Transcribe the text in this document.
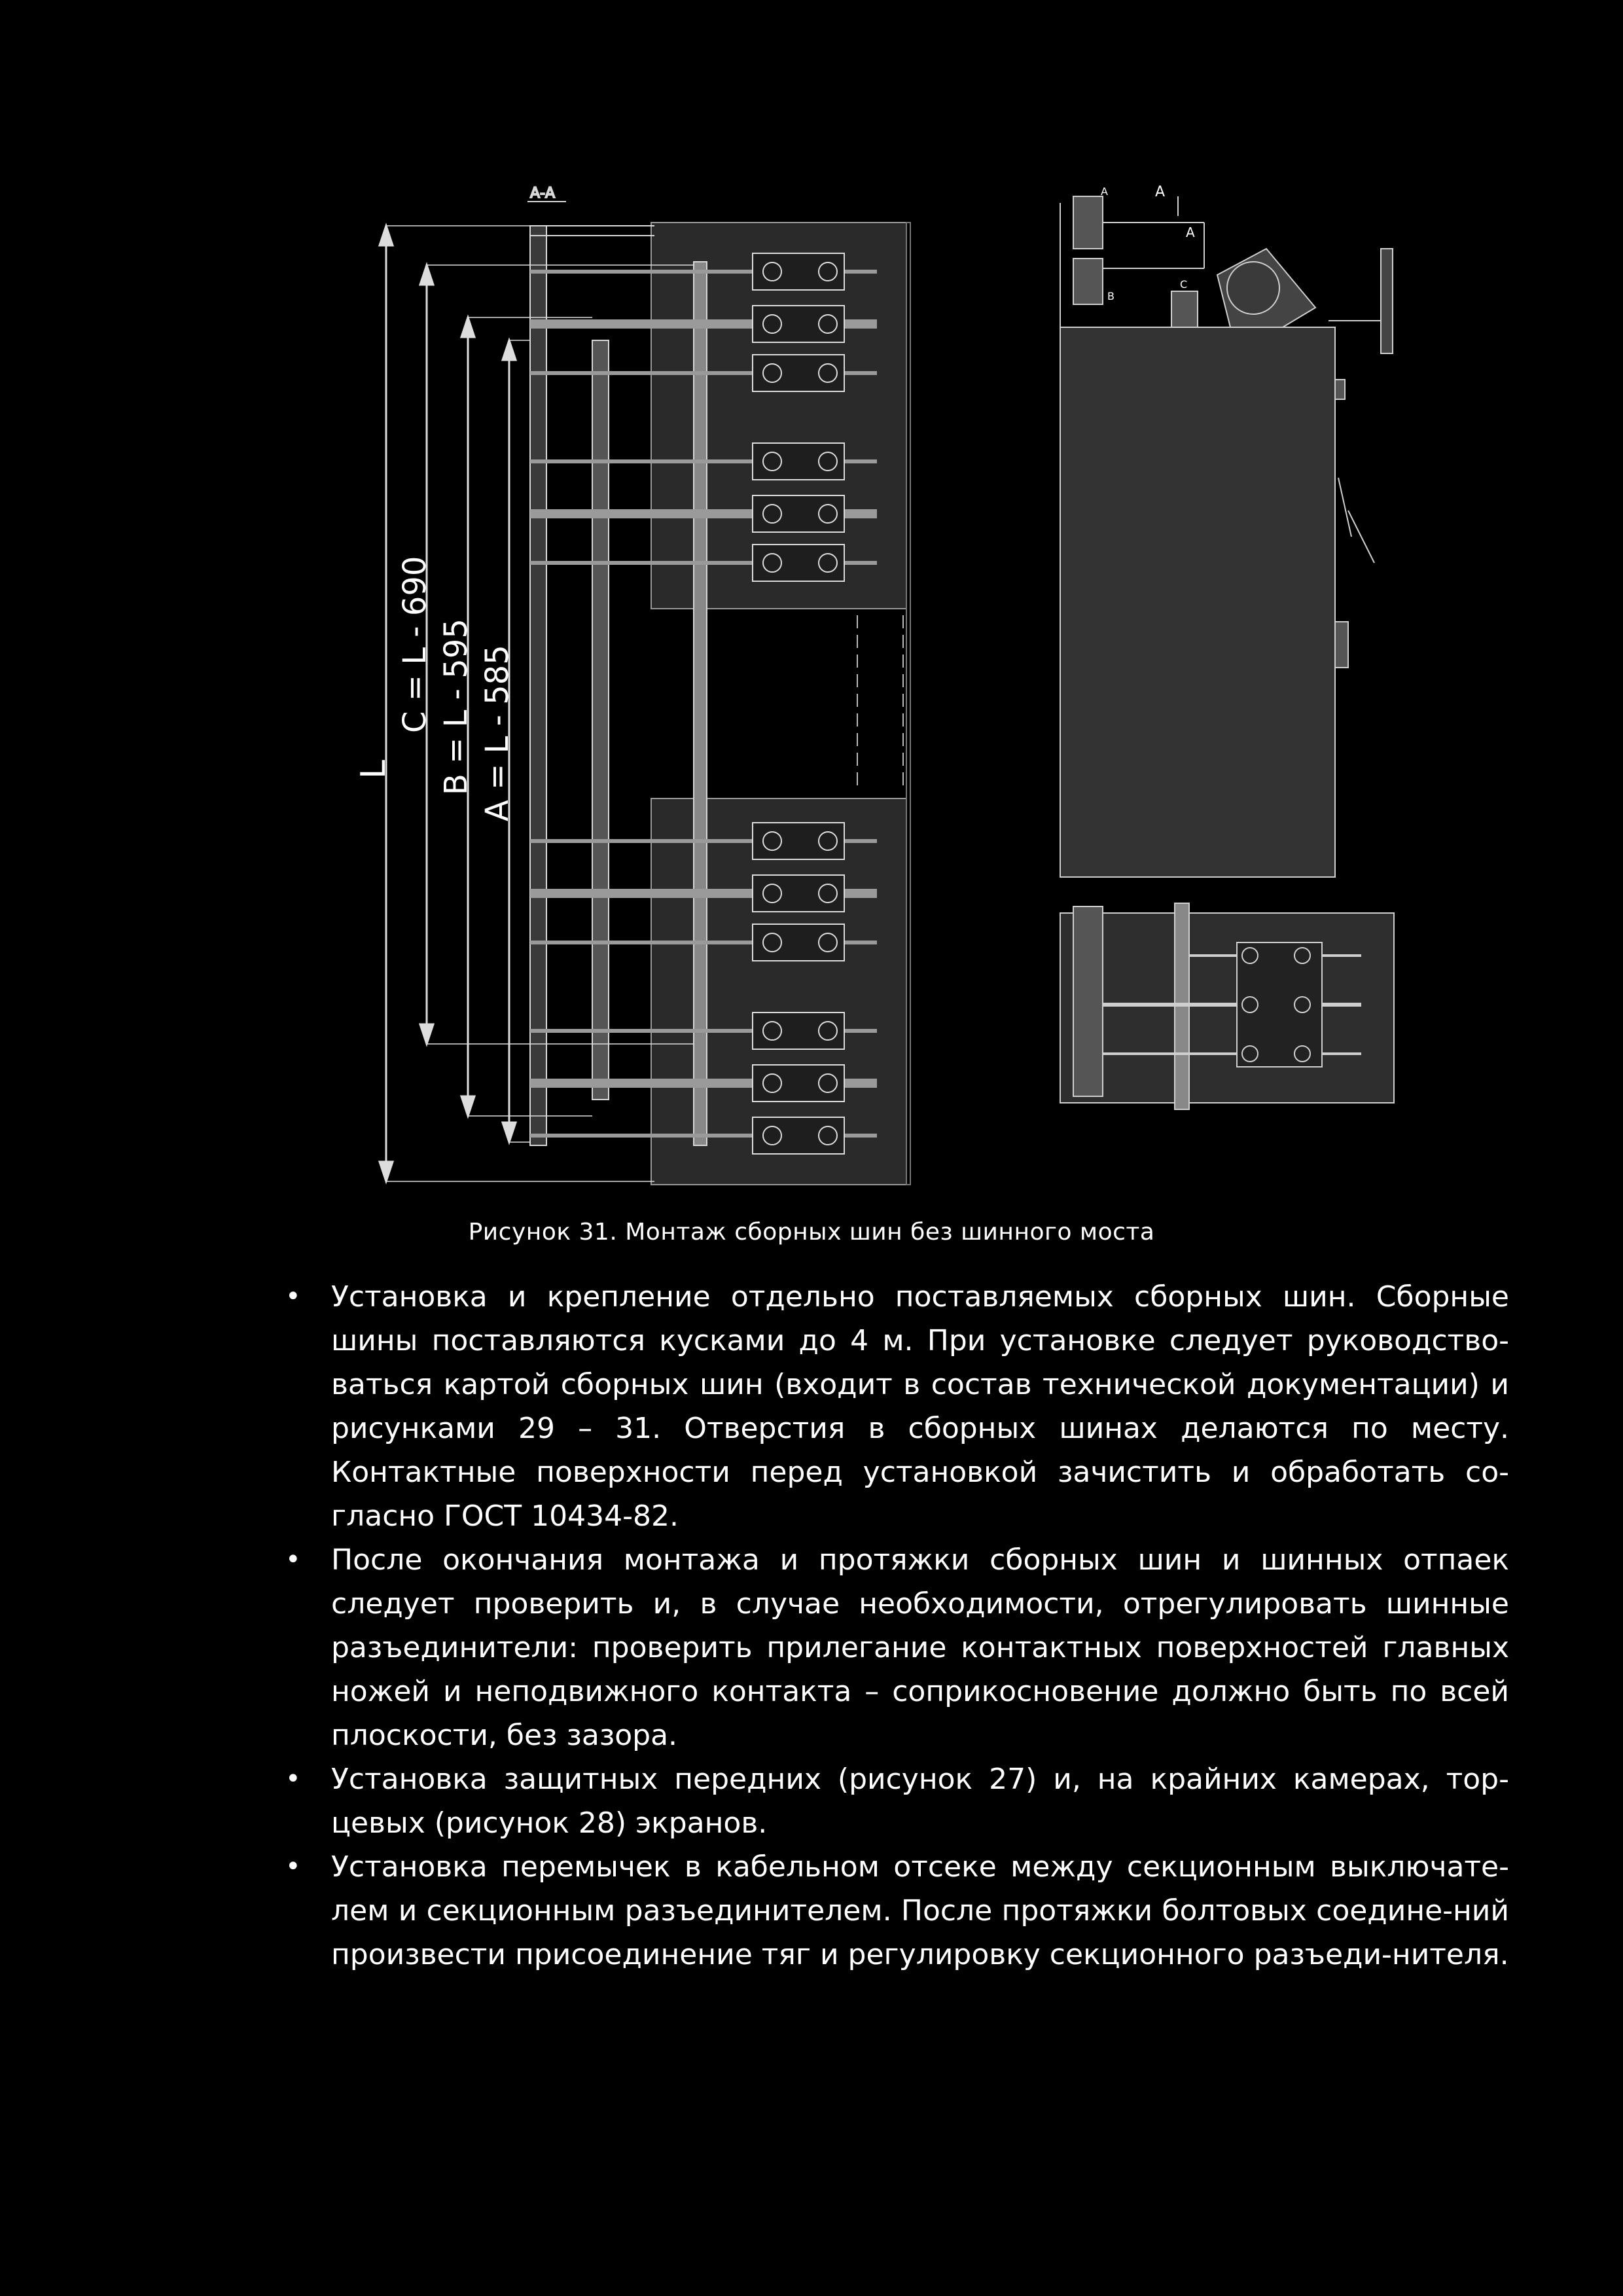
А-А
L
C = L - 690 B = L - 595 A = L - 585
A	A
A
B
C
Рисунок 31. Монтаж сборных шин без шинного моста
• Установка и крепление отдельно поставляемых сборных шин. Сборные шины поставляются кусками до 4 м. При установке следует руководство-ваться картой сборных шин (входит в состав технической документации) и рисунками 29 – 31. Отверстия в сборных шинах делаются по месту. Контактные поверхности перед установкой зачистить и обработать со-гласно ГОСТ 10434-82.
• После окончания монтажа и протяжки сборных шин и шинных отпаек следует проверить и, в случае необходимости, отрегулировать шинные разъединители: проверить прилегание контактных поверхностей главных ножей и неподвижного контакта – соприкосновение должно быть по всей плоскости, без зазора.
• Установка защитных передних (рисунок 27) и, на крайних камерах, тор-цевых (рисунок 28) экранов.
• Установка перемычек в кабельном отсеке между секционным выключате-лем и секционным разъединителем. После протяжки болтовых соедине-ний произвести присоединение тяг и регулировку секционного разъеди-нителя.
